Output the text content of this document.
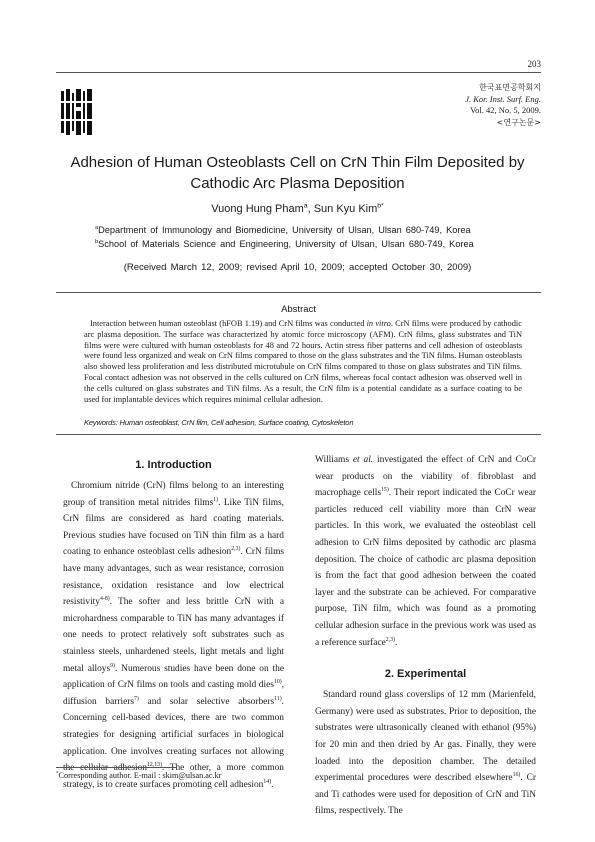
203
한국표면공학회지
J. Kor. Inst. Surf. Eng.
Vol. 42, No. 5, 2009.
<연구논문>
Adhesion of Human Osteoblasts Cell on CrN Thin Film Deposited by
Cathodic Arc Plasma Deposition
Vuong Hung Pham$^a$, Sun Kyu Kim$^{b*}$
$^a$Department of Immunology and Biomedicine, University of Ulsan, Ulsan 680-749, Korea
$^b$School of Materials Science and Engineering, University of Ulsan, Ulsan 680-749, Korea
(Received March 12, 2009; revised April 10, 2009; accepted October 30, 2009)
Abstract
Interaction between human osteoblast (hFOB 1.19) and CrN films was conducted in vitro. CrN films were produced by cathodic arc plasma deposition. The surface was characterized by atomic force microscopy (AFM). CrN films, glass substrates and TiN films were were cultured with human osteoblasts for 48 and 72 hours. Actin stress fiber patterns and cell adhesion of osteoblasts were found less organized and weak on CrN films compared to those on the glass substrates and the TiN films. Human osteoblasts also showed less proliferation and less distributed microtubule on CrN films compared to those on glass substrates and TiN films. Focal contact adhesion was not observed in the cells cultured on CrN films, whereas focal contact adhesion was observed well in the cells cultured on glass substrates and TiN films. As a result, the CrN film is a potential candidate as a surface coating to be used for implantable devices which requires minimal cellular adhesion.
Keywords: Human osteoblast, CrN film, Cell adhesion, Surface coating, Cytoskeleton
1. Introduction

Chromium nitride (CrN) films belong to an interesting group of transition metal nitrides films$^{1)}$. Like TiN films, CrN films are considered as hard coating materials. Previous studies have focused on TiN thin film as a hard coating to enhance osteoblast cells adhesion$^{2,3)}$. CrN films have many advantages, such as wear resistance, corrosion resistance, oxidation resistance and low electrical resistivity$^{4-8)}$. The softer and less brittle CrN with a microhardness comparable to TiN has many advantages if one needs to protect relatively soft substrates such as stainless steels, unhardened steels, light metals and light metal alloys$^{9)}$. Numerous studies have been done on the application of CrN films on tools and casting mold dies$^{10)}$, diffusion barriers$^{7)}$ and solar selective absorbers$^{11)}$. Concerning cell-based devices, there are two common strategies for designing artificial surfaces in biological application. One involves creating surfaces not allowing the cellular adhesion$^{12,13)}$. The other, a more common strategy, is to create surfaces promoting cell adhesion$^{14)}$.

Williams et al. investigated the effect of CrN and CoCr wear products on the viability of fibroblast and macrophage cells$^{15)}$. Their report indicated the CoCr wear particles reduced cell viability more than CrN wear particles. In this work, we evaluated the osteoblast cell adhesion to CrN films deposited by cathodic arc plasma deposition. The choice of cathodic arc plasma deposition is from the fact that good adhesion between the coated layer and the substrate can be achieved. For comparative purpose, TiN film, which was found as a promoting cellular adhesion surface in the previous work was used as a reference surface$^{2,3)}$.

2. Experimental

Standard round glass coverslips of 12 mm (Marienfeld, Germany) were used as substrates. Prior to deposition, the substrates were ultrasonically cleaned with ethanol (95%) for 20 min and then dried by Ar gas. Finally, they were loaded into the deposition chamber. The detailed experimental procedures were described elsewhere$^{16)}$. Cr and Ti cathodes were used for deposition of CrN and TiN films, respectively. The

*Corresponding author. E-mail : skim@ulsan.ac.kr
